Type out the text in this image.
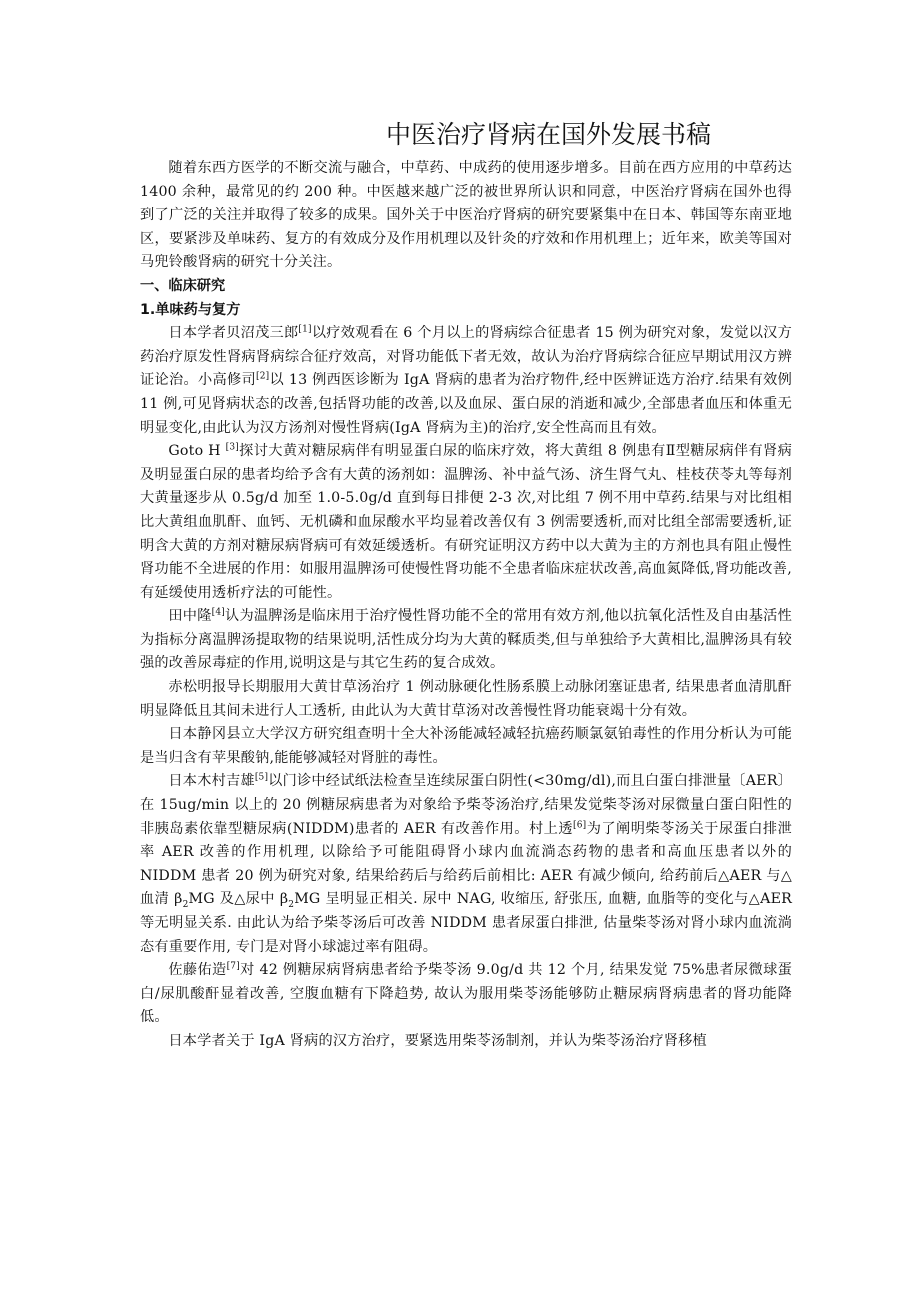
中医治疗肾病在国外发展书稿

随着东西方医学的不断交流与融合，中草药、中成药的使用逐步增多。目前在西方应用的中草药达 1400 余种，最常见的约 200 种。中医越来越广泛的被世界所认识和同意，中医治疗肾病在国外也得到了广泛的关注并取得了较多的成果。国外关于中医治疗肾病的研究要紧集中在日本、韩国等东南亚地区，要紧涉及单味药、复方的有效成分及作用机理以及针灸的疗效和作用机理上；近年来，欧美等国对马兜铃酸肾病的研究十分关注。

一、临床研究
1.单味药与复方

日本学者贝沼茂三郎[1]以疗效观看在 6 个月以上的肾病综合征患者 15 例为研究对象，发觉以汉方药治疗原发性肾病肾病综合征疗效高，对肾功能低下者无效，故认为治疗肾病综合征应早期试用汉方辨证论治。小高修司[2]以 13 例西医诊断为 IgA 肾病的患者为治疗物件,经中医辨证选方治疗.结果有效例 11 例,可见肾病状态的改善,包括肾功能的改善,以及血尿、蛋白尿的消逝和减少,全部患者血压和体重无明显变化,由此认为汉方汤剂对慢性肾病(IgA 肾病为主)的治疗,安全性高而且有效。

Goto H [3]探讨大黄对糖尿病伴有明显蛋白尿的临床疗效，将大黄组 8 例患有Ⅱ型糖尿病伴有肾病及明显蛋白尿的患者均给予含有大黄的汤剂如：温脾汤、补中益气汤、济生肾气丸、桂枝茯苓丸等每剂大黄量逐步从 0.5g/d 加至 1.0-5.0g/d 直到每日排便 2-3 次,对比组 7 例不用中草药.结果与对比组相比大黄组血肌酐、血钙、无机磷和血尿酸水平均显着改善仅有 3 例需要透析,而对比组全部需要透析,证明含大黄的方剂对糖尿病肾病可有效延缓透析。有研究证明汉方药中以大黄为主的方剂也具有阻止慢性肾功能不全进展的作用：如服用温脾汤可使慢性肾功能不全患者临床症状改善,高血氮降低,肾功能改善,有延缓使用透析疗法的可能性。

田中隆[4]认为温脾汤是临床用于治疗慢性肾功能不全的常用有效方剂,他以抗氧化活性及自由基活性为指标分离温脾汤提取物的结果说明,活性成分均为大黄的鞣质类,但与单独给予大黄相比,温脾汤具有较强的改善尿毒症的作用,说明这是与其它生药的复合成效。

赤松明报导长期服用大黄甘草汤治疗 1 例动脉硬化性肠系膜上动脉闭塞证患者, 结果患者血清肌酐明显降低且其间未进行人工透析, 由此认为大黄甘草汤对改善慢性肾功能衰竭十分有效。

日本静冈县立大学汉方研究组查明十全大补汤能减轻减轻抗癌药顺氯氨铂毒性的作用分析认为可能是当归含有苹果酸钠,能能够减轻对肾脏的毒性。

日本木村吉雄[5]以门诊中经试纸法检查呈连续尿蛋白阴性(<30mg/dl),而且白蛋白排泄量〔AER〕在 15ug/min 以上的 20 例糖尿病患者为对象给予柴苓汤治疗,结果发觉柴苓汤对尿微量白蛋白阳性的非胰岛素依靠型糖尿病(NIDDM)患者的 AER 有改善作用。村上透[6]为了阐明柴苓汤关于尿蛋白排泄率 AER 改善的作用机理, 以除给予可能阻碍肾小球内血流淌态药物的患者和高血压患者以外的 NIDDM 患者 20 例为研究对象, 结果给药后与给药后前相比: AER 有减少倾向, 给药前后△AER 与△血清 $\beta_2MG$ 及△尿中 $\beta_2MG$ 呈明显正相关. 尿中 NAG, 收缩压, 舒张压, 血糖, 血脂等的变化与△AER 等无明显关系. 由此认为给予柴苓汤后可改善 NIDDM 患者尿蛋白排泄, 估量柴苓汤对肾小球内血流淌态有重要作用, 专门是对肾小球滤过率有阻碍。

佐藤佑造[7]对 42 例糖尿病肾病患者给予柴苓汤 9.0g/d 共 12 个月, 结果发觉 75%患者尿微球蛋白/尿肌酸酐显着改善, 空腹血糖有下降趋势, 故认为服用柴苓汤能够防止糖尿病肾病患者的肾功能降低。

日本学者关于 IgA 肾病的汉方治疗，要紧选用柴苓汤制剂，并认为柴苓汤治疗肾移植
